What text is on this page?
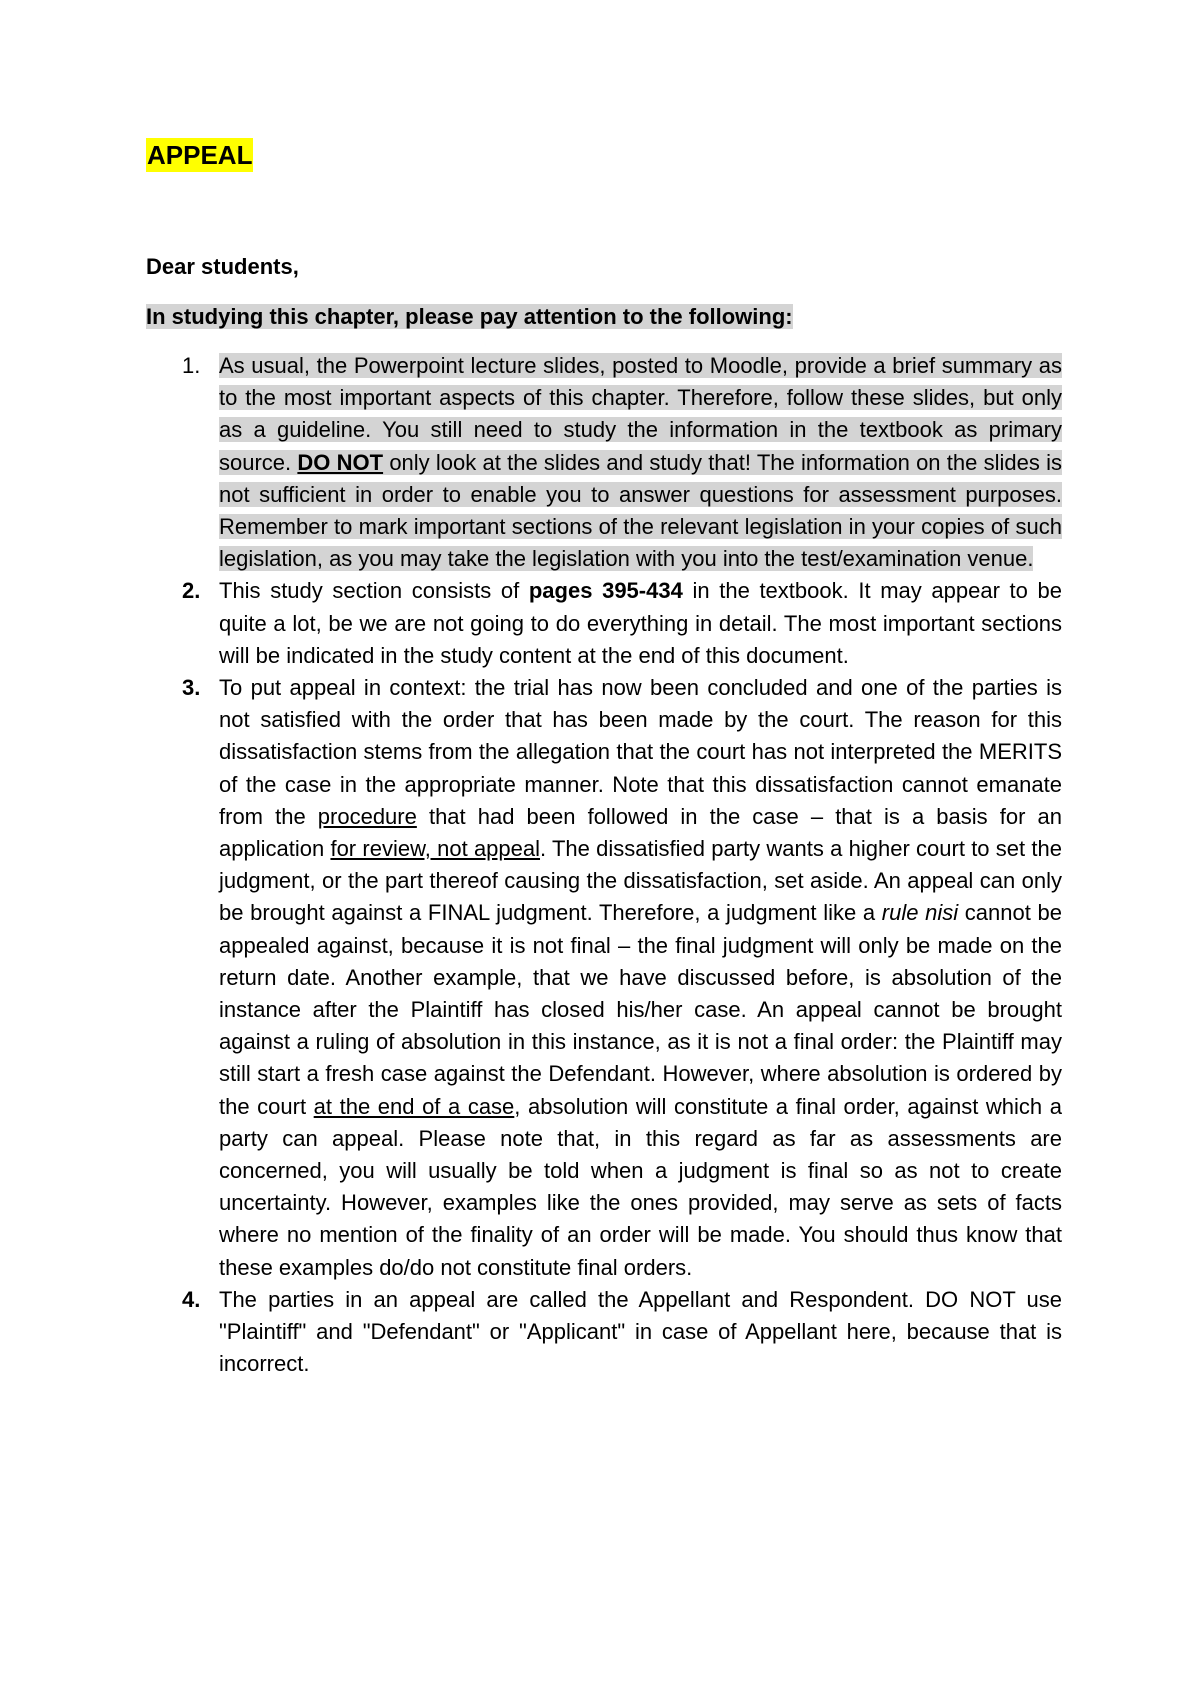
APPEAL
Dear students,
In studying this chapter, please pay attention to the following:
1. As usual, the Powerpoint lecture slides, posted to Moodle, provide a brief summary as to the most important aspects of this chapter. Therefore, follow these slides, but only as a guideline. You still need to study the information in the textbook as primary source. DO NOT only look at the slides and study that! The information on the slides is not sufficient in order to enable you to answer questions for assessment purposes. Remember to mark important sections of the relevant legislation in your copies of such legislation, as you may take the legislation with you into the test/examination venue.
2. This study section consists of pages 395-434 in the textbook. It may appear to be quite a lot, be we are not going to do everything in detail. The most important sections will be indicated in the study content at the end of this document.
3. To put appeal in context: the trial has now been concluded and one of the parties is not satisfied with the order that has been made by the court. The reason for this dissatisfaction stems from the allegation that the court has not interpreted the MERITS of the case in the appropriate manner. Note that this dissatisfaction cannot emanate from the procedure that had been followed in the case – that is a basis for an application for review, not appeal. The dissatisfied party wants a higher court to set the judgment, or the part thereof causing the dissatisfaction, set aside. An appeal can only be brought against a FINAL judgment. Therefore, a judgment like a rule nisi cannot be appealed against, because it is not final – the final judgment will only be made on the return date. Another example, that we have discussed before, is absolution of the instance after the Plaintiff has closed his/her case. An appeal cannot be brought against a ruling of absolution in this instance, as it is not a final order: the Plaintiff may still start a fresh case against the Defendant. However, where absolution is ordered by the court at the end of a case, absolution will constitute a final order, against which a party can appeal. Please note that, in this regard as far as assessments are concerned, you will usually be told when a judgment is final so as not to create uncertainty. However, examples like the ones provided, may serve as sets of facts where no mention of the finality of an order will be made. You should thus know that these examples do/do not constitute final orders.
4. The parties in an appeal are called the Appellant and Respondent. DO NOT use "Plaintiff" and "Defendant" or "Applicant" in case of Appellant here, because that is incorrect.
